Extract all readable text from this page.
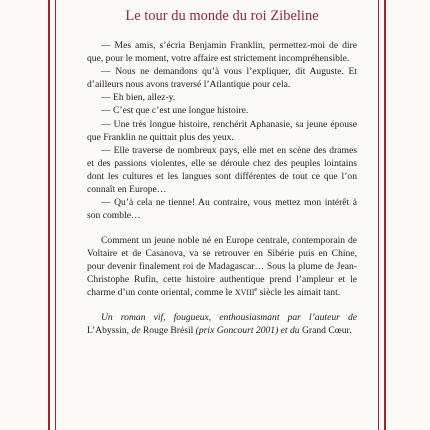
Le tour du monde du roi Zibeline

— Mes amis, s’écria Benjamin Franklin, permettez-moi de dire que, pour le moment, votre affaire est strictement incompréhensible.

— Nous ne demandons qu’à vous l’expliquer, dit Auguste. Et d’ailleurs nous avons traversé l’Atlantique pour cela.

— Eh bien, allez-y.

— C’est que c’est une longue histoire.

— Une très longue histoire, renchérit Aphanasie, sa jeune épouse que Franklin ne quittait plus des yeux.

— Elle traverse de nombreux pays, elle met en scène des drames et des passions violentes, elle se déroule chez des peuples lointains dont les cultures et les langues sont différentes de tout ce que l’on connaît en Europe…

— Qu’à cela ne tienne! Au contraire, vous mettez mon intérêt à son comble…

Comment un jeune noble né en Europe centrale, contemporain de Voltaire et de Casanova, va se retrouver en Sibérie puis en Chine, pour devenir finalement roi de Madagascar… Sous la plume de Jean-Christophe Rufin, cette histoire authentique prend l’ampleur et le charme d’un conte oriental, comme le XVIIIe siècle les aimait tant.

Un roman vif, fougueux, enthousiasmant par l’auteur de L’Abyssin, de Rouge Brésil (prix Goncourt 2001) et du Grand Cœur.
